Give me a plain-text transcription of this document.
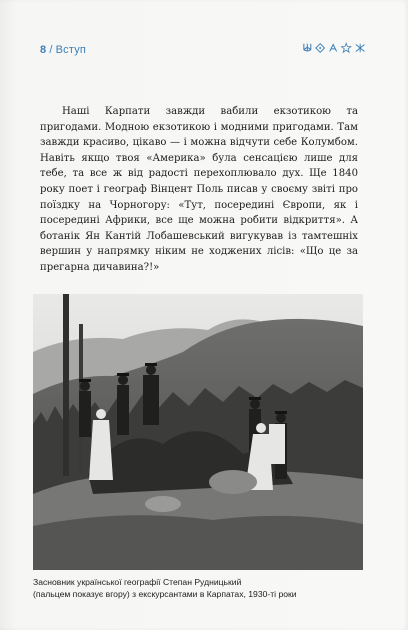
8 / Вступ

Наші Карпати завжди вабили екзотикою та пригодами. Модною екзотикою і модними пригодами. Там завжди красиво, цікаво — і можна відчути себе Колумбом. Навіть якщо твоя «Америка» була сенсацією лише для тебе, та все ж від радості перехоплювало дух. Ще 1840 року поет і географ Вінцент Поль писав у своєму звіті про поїздку на Чорногору: «Тут, посередині Європи, як і посередині Африки, все ще можна робити відкриття». А ботанік Ян Кантій Лобашевський вигукував із тамтешніх вершин у напрямку ніким не ходжених лісів: «Що це за прегарна дичавина?!»

Засновник української географії Степан Рудницький
(пальцем показує вгору) з екскурсантами в Карпатах, 1930-ті роки
